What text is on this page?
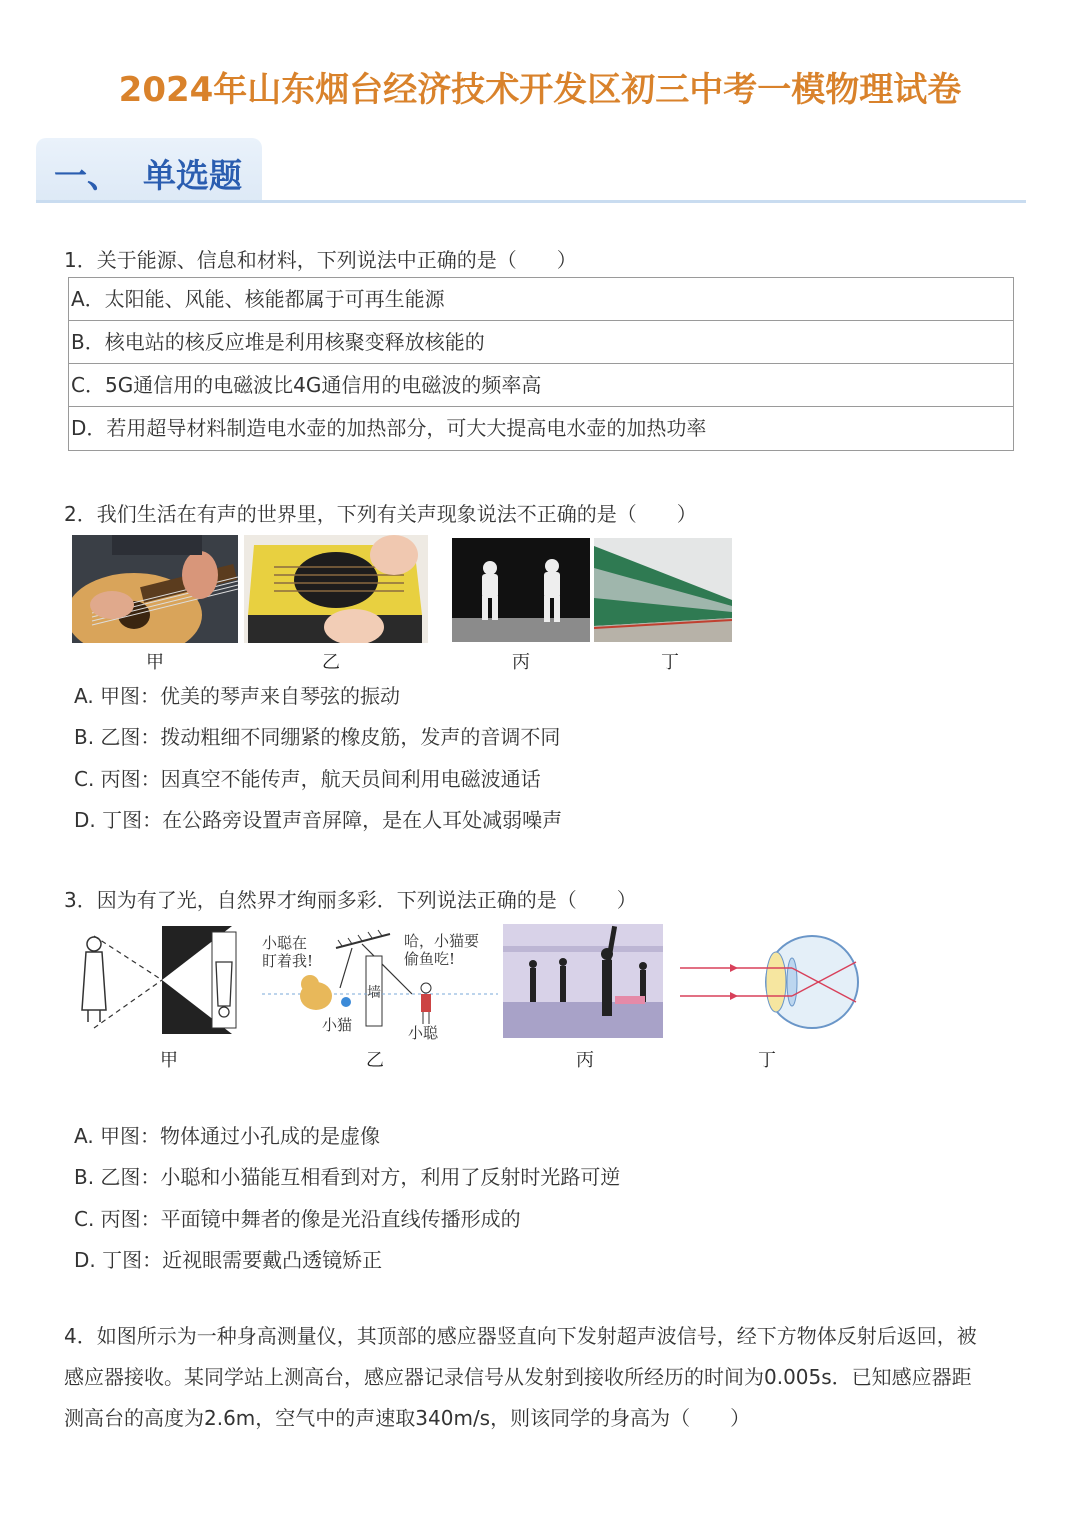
2024年山东烟台经济技术开发区初三中考一模物理试卷
一、  单选题
1．关于能源、信息和材料，下列说法中正确的是（　　）
A．太阳能、风能、核能都属于可再生能源
B．核电站的核反应堆是利用核聚变释放核能的
C．5G通信用的电磁波比4G通信用的电磁波的频率高
D．若用超导材料制造电水壶的加热部分，可大大提高电水壶的加热功率
2．我们生活在有声的世界里，下列有关声现象说法不正确的是（　　）
甲	乙	丙	丁
A. 甲图：优美的琴声来自琴弦的振动
B. 乙图：拨动粗细不同绷紧的橡皮筋，发声的音调不同
C. 丙图：因真空不能传声，航天员间利用电磁波通话
D. 丁图：在公路旁设置声音屏障，是在人耳处减弱噪声
3．因为有了光，自然界才绚丽多彩．下列说法正确的是（　　）
小聪在
盯着我!
哈，小猫要
偷鱼吃!
墙
小猫	小聪
甲	乙	丙	丁
A. 甲图：物体通过小孔成的是虚像
B. 乙图：小聪和小猫能互相看到对方，利用了反射时光路可逆
C. 丙图：平面镜中舞者的像是光沿直线传播形成的
D. 丁图：近视眼需要戴凸透镜矫正
4．如图所示为一种身高测量仪，其顶部的感应器竖直向下发射超声波信号，经下方物体反射后返回，被
感应器接收。某同学站上测高台，感应器记录信号从发射到接收所经历的时间为0.005s．已知感应器距
测高台的高度为2.6m，空气中的声速取340m/s，则该同学的身高为（　　）
